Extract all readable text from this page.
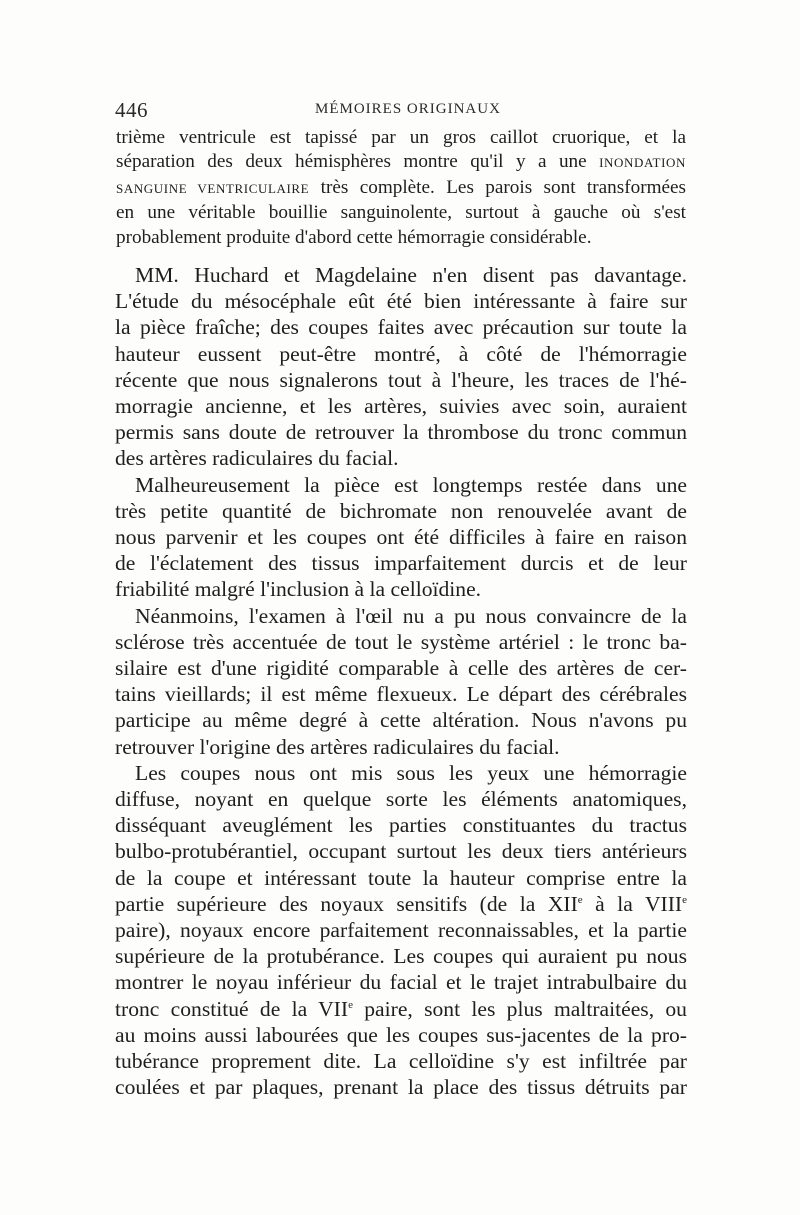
446	MÉMOIRES ORIGINAUX
trième ventricule est tapissé par un gros caillot cruorique, et la
séparation des deux hémisphères montre qu'il y a une INONDATION
SANGUINE VENTRICULAIRE très complète. Les parois sont transformées
en une véritable bouillie sanguinolente, surtout à gauche où s'est
probablement produite d'abord cette hémorragie considérable.
MM. Huchard et Magdelaine n'en disent pas davantage.
L'étude du mésocéphale eût été bien intéressante à faire sur
la pièce fraîche; des coupes faites avec précaution sur toute la
hauteur eussent peut-être montré, à côté de l'hémorragie
récente que nous signalerons tout à l'heure, les traces de l'hé-
morragie ancienne, et les artères, suivies avec soin, auraient
permis sans doute de retrouver la thrombose du tronc commun
des artères radiculaires du facial.
Malheureusement la pièce est longtemps restée dans une
très petite quantité de bichromate non renouvelée avant de
nous parvenir et les coupes ont été difficiles à faire en raison
de l'éclatement des tissus imparfaitement durcis et de leur
friabilité malgré l'inclusion à la celloïdine.
Néanmoins, l'examen à l'œil nu a pu nous convaincre de la
sclérose très accentuée de tout le système artériel : le tronc ba-
silaire est d'une rigidité comparable à celle des artères de cer-
tains vieillards; il est même flexueux. Le départ des cérébrales
participe au même degré à cette altération. Nous n'avons pu
retrouver l'origine des artères radiculaires du facial.
Les coupes nous ont mis sous les yeux une hémorragie
diffuse, noyant en quelque sorte les éléments anatomiques,
disséquant aveuglément les parties constituantes du tractus
bulbo-protubérantiel, occupant surtout les deux tiers antérieurs
de la coupe et intéressant toute la hauteur comprise entre la
partie supérieure des noyaux sensitifs (de la XIIe à la VIIIe
paire), noyaux encore parfaitement reconnaissables, et la partie
supérieure de la protubérance. Les coupes qui auraient pu nous
montrer le noyau inférieur du facial et le trajet intrabulbaire du
tronc constitué de la VIIe paire, sont les plus maltraitées, ou
au moins aussi labourées que les coupes sus-jacentes de la pro-
tubérance proprement dite. La celloïdine s'y est infiltrée par
coulées et par plaques, prenant la place des tissus détruits par
